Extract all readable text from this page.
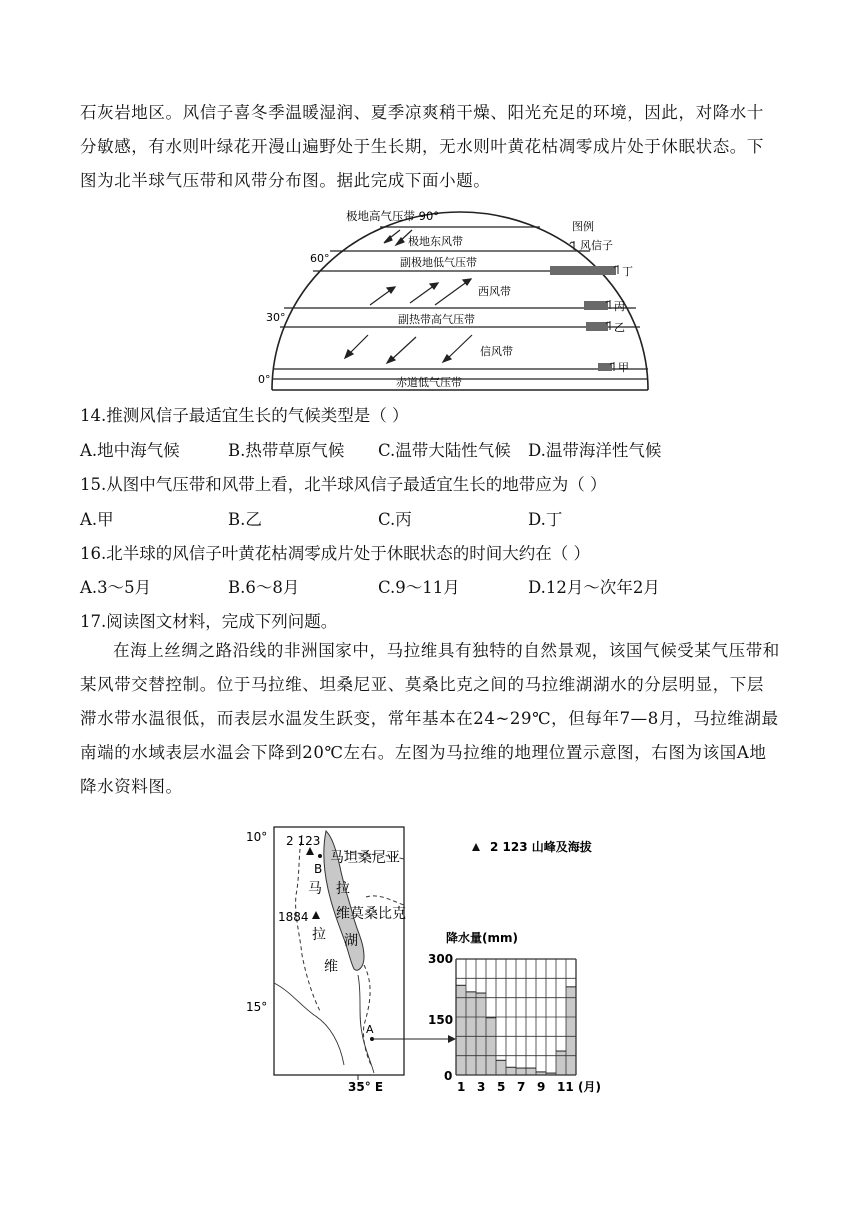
石灰岩地区。风信子喜冬季温暖湿润、夏季凉爽稍干燥、阳光充足的环境，因此，对降水十分敏感，有水则叶绿花开漫山遍野处于生长期，无水则叶黄花枯凋零成片处于休眠状态。下图为北半球气压带和风带分布图。据此完成下面小题。
极地高气压带 90°
极地东风带
副极地低气压带
西风带
副热带高气压带
信风带
赤道低气压带
60°
30°
0°
图例
风信子
丁
丙
乙
甲
14.推测风信子最适宜生长的气候类型是（ ）
A.地中海气候	B.热带草原气候 C.温带大陆性气候 D.温带海洋性气候
15.从图中气压带和风带上看，北半球风信子最适宜生长的地带应为（ ）
A.甲	B.乙	C.丙	D.丁
16.北半球的风信子叶黄花枯凋零成片处于休眠状态的时间大约在（ ）
A.3～5月	B.6～8月	C.9～11月	D.12月～次年2月
17.阅读图文材料，完成下列问题。
在海上丝绸之路沿线的非洲国家中，马拉维具有独特的自然景观，该国气候受某气压带和某风带交替控制。位于马拉维、坦桑尼亚、莫桑比克之间的马拉维湖湖水的分层明显，下层滞水带水温很低，而表层水温发生跃变，常年基本在24~29℃，但每年7—8月，马拉维湖最南端的水域表层水温会下降到20℃左右。左图为马拉维的地理位置示意图，右图为该国A地降水资料图。
10°
15°
35° E
2 123
1884
B
A
坦桑尼亚
莫桑比克
马
拉
维
马
拉
维
湖
2 123 山峰及海拔
降水量(mm)
300
150
0
(月)
1 3 5 7 9 11
